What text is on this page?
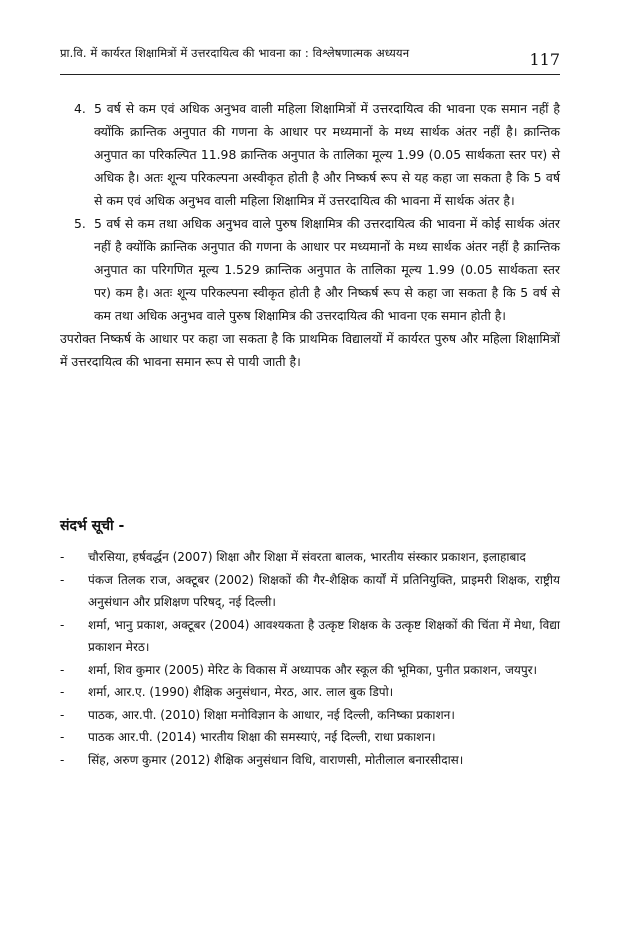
प्रा.वि. में कार्यरत शिक्षामित्रों में उत्तरदायित्व की भावना का : विश्लेषणात्मक अध्ययन	117
4. 5 वर्ष से कम एवं अधिक अनुभव वाली महिला शिक्षामित्रों में उत्तरदायित्व की भावना एक समान नहीं है क्योंकि क्रान्तिक अनुपात की गणना के आधार पर मध्यमानों के मध्य सार्थक अंतर नहीं है। क्रान्तिक अनुपात का परिकल्पित 11.98 क्रान्तिक अनुपात के तालिका मूल्य 1.99 (0.05 सार्थकता स्तर पर) से अधिक है। अतः शून्य परिकल्पना अस्वीकृत होती है और निष्कर्ष रूप से यह कहा जा सकता है कि 5 वर्ष से कम एवं अधिक अनुभव वाली महिला शिक्षामित्र में उत्तरदायित्व की भावना में सार्थक अंतर है।
5. 5 वर्ष से कम तथा अधिक अनुभव वाले पुरुष शिक्षामित्र की उत्तरदायित्व की भावना में कोई सार्थक अंतर नहीं है क्योंकि क्रान्तिक अनुपात की गणना के आधार पर मध्यमानों के मध्य सार्थक अंतर नहीं है क्रान्तिक अनुपात का परिगणित मूल्य 1.529 क्रान्तिक अनुपात के तालिका मूल्य 1.99 (0.05 सार्थकता स्तर पर) कम है। अतः शून्य परिकल्पना स्वीकृत होती है और निष्कर्ष रूप से कहा जा सकता है कि 5 वर्ष से कम तथा अधिक अनुभव वाले पुरुष शिक्षामित्र की उत्तरदायित्व की भावना एक समान होती है।
उपरोक्त निष्कर्ष के आधार पर कहा जा सकता है कि प्राथमिक विद्यालयों में कार्यरत पुरुष और महिला शिक्षामित्रों में उत्तरदायित्व की भावना समान रूप से पायी जाती है।
संदर्भ सूची -
-	चौरसिया, हर्षवर्द्धन (2007) शिक्षा और शिक्षा में संवरता बालक, भारतीय संस्कार प्रकाशन, इलाहाबाद
-	पंकज तिलक राज, अक्टूबर (2002) शिक्षकों की गैर-शैक्षिक कार्यों में प्रतिनियुक्ति, प्राइमरी शिक्षक, राष्ट्रीय अनुसंधान और प्रशिक्षण परिषद्, नई दिल्ली।
-	शर्मा, भानु प्रकाश, अक्टूबर (2004) आवश्यकता है उत्कृष्ट शिक्षक के उत्कृष्ट शिक्षकों की चिंता में मेधा, विद्या प्रकाशन मेरठ।
-	शर्मा, शिव कुमार (2005) मेरिट के विकास में अध्यापक और स्कूल की भूमिका, पुनीत प्रकाशन, जयपुर।
-	शर्मा, आर.ए. (1990) शैक्षिक अनुसंधान, मेरठ, आर. लाल बुक डिपो।
-	पाठक, आर.पी. (2010) शिक्षा मनोविज्ञान के आधार, नई दिल्ली, कनिष्का प्रकाशन।
-	पाठक आर.पी. (2014) भारतीय शिक्षा की समस्याएं, नई दिल्ली, राधा प्रकाशन।
-	सिंह, अरुण कुमार (2012) शैक्षिक अनुसंधान विधि, वाराणसी, मोतीलाल बनारसीदास।
